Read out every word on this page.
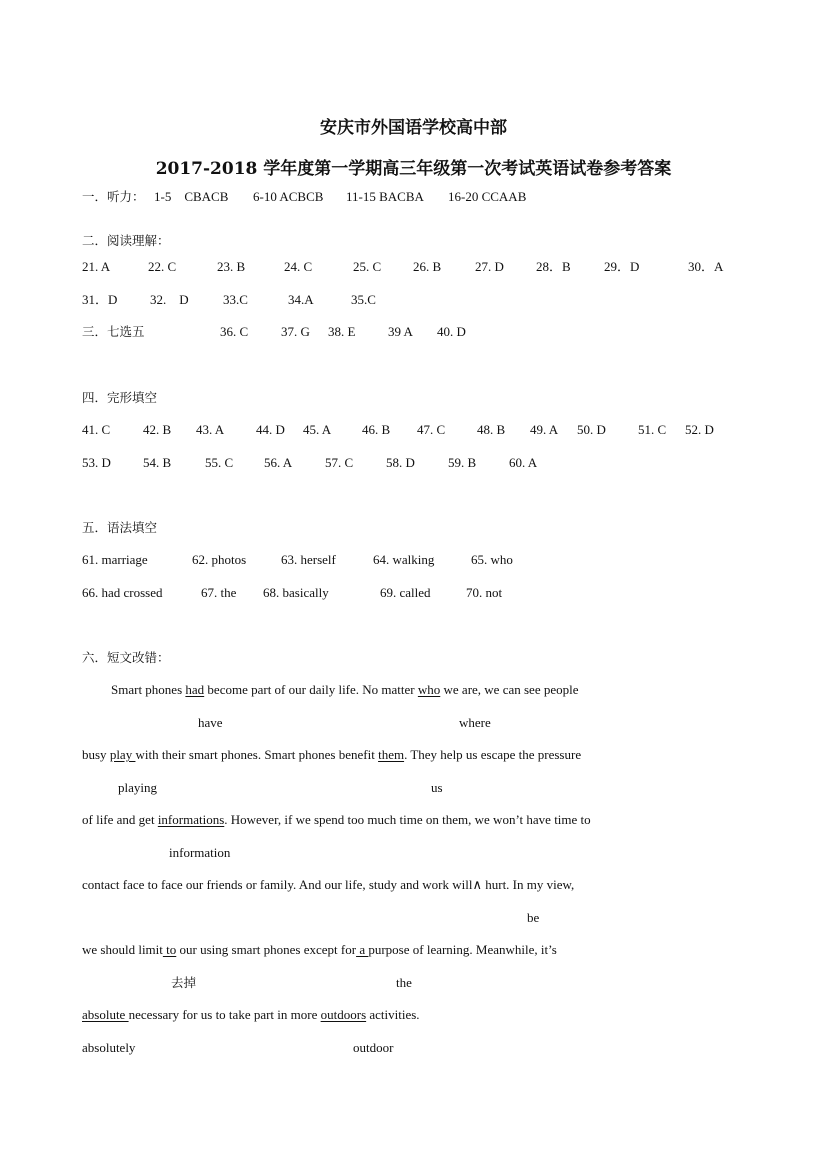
安庆市外国语学校高中部
2017-2018 学年度第一学期高三年级第一次考试英语试卷参考答案
一．听力： 1-5　CBACB 6-10 ACBCB 11-15 BACBA 16-20 CCAAB
二．阅读理解：
21. A	22. C	23. B	24. C	25. C 26. B	27. D 28．B	29．D	30．A
31．D	32.　D	33.C	34.A	35.C
三．七选五	36. C	37. G 38. E	39 A 40. D
四．完形填空
41. C	42. B 43. A 44. D 45. A 46. B 47. C 48. B 49. A 50. D 51. C 52. D
53. D 54. B	55. C 56. A	57. C	58. D	59. B	60. A
五．语法填空
61. marriage	62. photos	63. herself	64. walking	65. who
66. had crossed	67. the 68. basically	69. called	70. not
六．短文改错：
Smart phones had become part of our daily life. No matter who we are, we can see people
have	where
busy play with their smart phones. Smart phones benefit them. They help us escape the pressure
playing	us
of life and get informations. However, if we spend too much time on them, we won’t have time to
information
contact face to face our friends or family. And our life, study and work will∧ hurt. In my view,
be
we should limit to our using smart phones except for a purpose of learning. Meanwhile, it’s
去掉	the
absolute necessary for us to take part in more outdoors activities.
absolutely	outdoor
